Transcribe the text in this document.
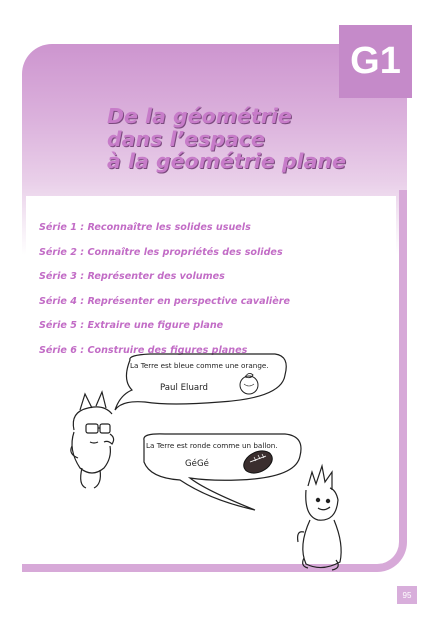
G1
De la géométrie
dans l’espace
à la géométrie plane
Série 1 : Reconnaître les solides usuels
Série 2 : Connaître les propriétés des solides
Série 3 : Représenter des volumes
Série 4 : Représenter en perspective cavalière
Série 5 : Extraire une figure plane
Série 6 : Construire des figures planes
La Terre est bleue comme une orange.
Paul Eluard
La Terre est ronde comme un ballon.
GéGé
95
